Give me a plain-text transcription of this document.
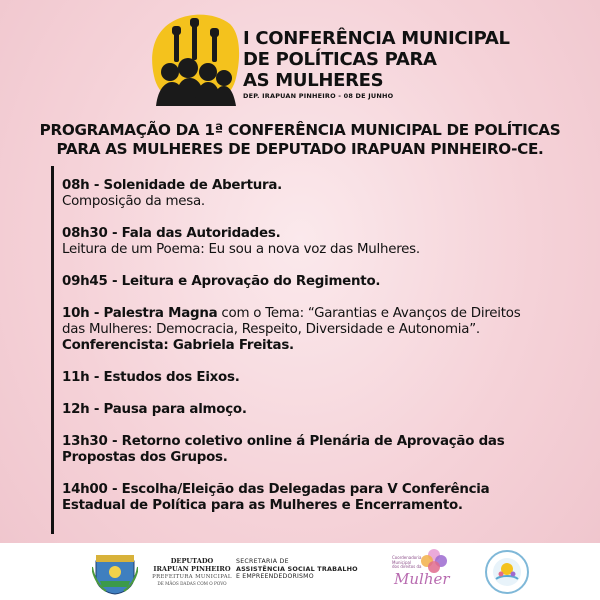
I CONFERÊNCIA MUNICIPAL
DE POLÍTICAS PARA
AS MULHERES
DEP. IRAPUAN PINHEIRO - 08 DE JUNHO
PROGRAMAÇÃO DA 1ª CONFERÊNCIA MUNICIPAL DE POLÍTICAS
PARA AS MULHERES DE DEPUTADO IRAPUAN PINHEIRO-CE.
08h - Solenidade de Abertura.
Composição da mesa.
08h30 - Fala das Autoridades.
Leitura de um Poema: Eu sou a nova voz das Mulheres.
09h45 - Leitura e Aprovação do Regimento.
10h - Palestra Magna com o Tema: “Garantias e Avanços de Direitos
das Mulheres: Democracia, Respeito, Diversidade e Autonomia”.
Conferencista: Gabriela Freitas.
11h - Estudos dos Eixos.
12h - Pausa para almoço.
13h30 - Retorno coletivo online á Plenária de Aprovação das
Propostas dos Grupos.
14h00 - Escolha/Eleição das Delegadas para V Conferência
Estadual de Política para as Mulheres e Encerramento.
DEPUTADO
IRAPUAN PINHEIRO
PREFEITURA MUNICIPAL
DE MÃOS DADAS COM O POVO
SECRETARIA DE
ASSISTÊNCIA SOCIAL TRABALHO
E EMPREENDEDORISMO
Coordenadoria
Municipal
dos direitos da
Mulher
